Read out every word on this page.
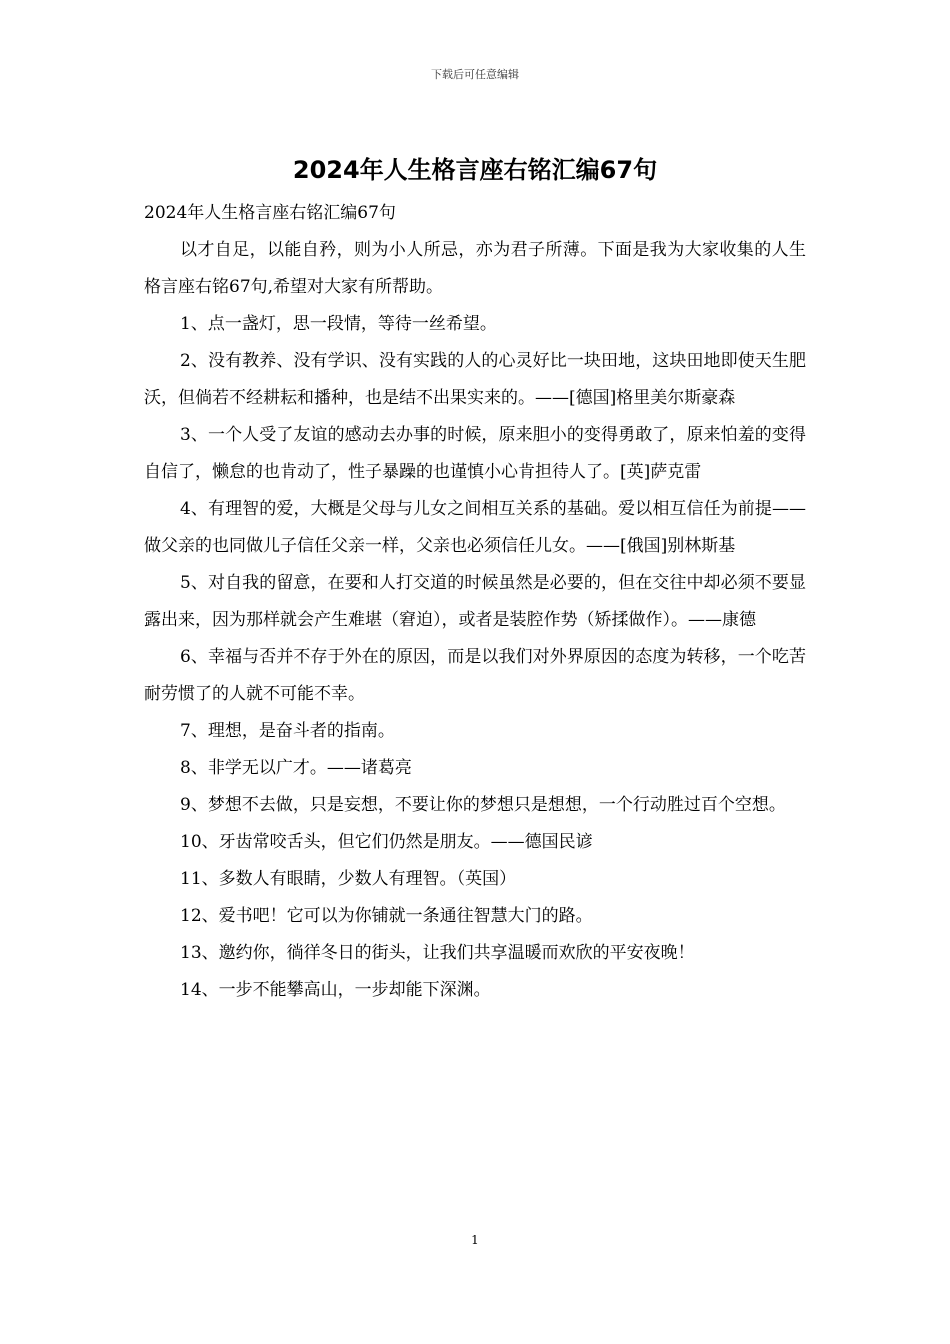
下载后可任意编辑
2024年人生格言座右铭汇编67句

2024年人生格言座右铭汇编67句

以才自足，以能自矜，则为小人所忌，亦为君子所薄。下面是我为大家收集的人生格言座右铭67句,希望对大家有所帮助。

1、点一盏灯，思一段情，等待一丝希望。

2、没有教养、没有学识、没有实践的人的心灵好比一块田地，这块田地即使天生肥沃，但倘若不经耕耘和播种，也是结不出果实来的。——[德国]格里美尔斯豪森

3、一个人受了友谊的感动去办事的时候，原来胆小的变得勇敢了，原来怕羞的变得自信了，懒怠的也肯动了，性子暴躁的也谨慎小心肯担待人了。[英]萨克雷

4、有理智的爱，大概是父母与儿女之间相互关系的基础。爱以相互信任为前提——做父亲的也同做儿子信任父亲一样，父亲也必须信任儿女。——[俄国]别林斯基

5、对自我的留意，在要和人打交道的时候虽然是必要的，但在交往中却必须不要显露出来，因为那样就会产生难堪（窘迫），或者是装腔作势（矫揉做作）。——康德

6、幸福与否并不存于外在的原因，而是以我们对外界原因的态度为转移，一个吃苦耐劳惯了的人就不可能不幸。

7、理想，是奋斗者的指南。

8、非学无以广才。——诸葛亮

9、梦想不去做，只是妄想，不要让你的梦想只是想想，一个行动胜过百个空想。

10、牙齿常咬舌头，但它们仍然是朋友。——德国民谚

11、多数人有眼睛，少数人有理智。（英国）

12、爱书吧！它可以为你铺就一条通往智慧大门的路。

13、邀约你，徜徉冬日的街头，让我们共享温暖而欢欣的平安夜晚！

14、一步不能攀高山，一步却能下深渊。

1
